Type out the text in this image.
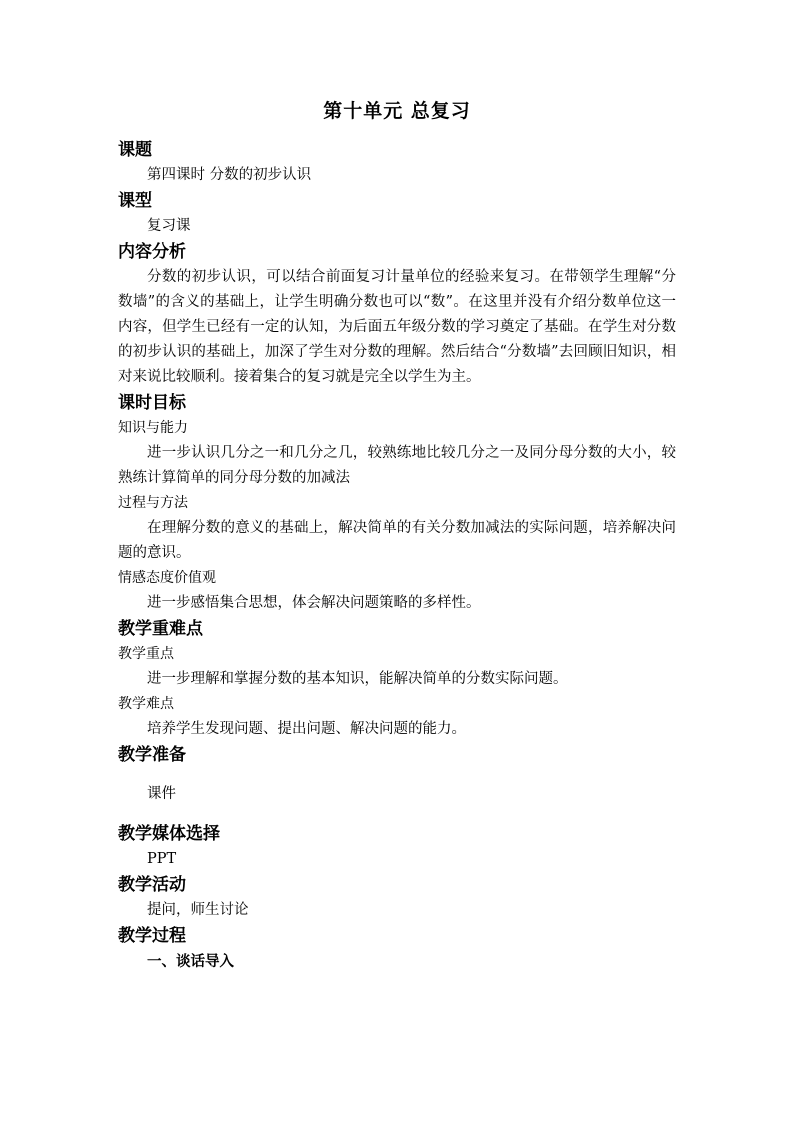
第十单元 总复习
课题
第四课时 分数的初步认识
课型
复习课
内容分析
分数的初步认识，可以结合前面复习计量单位的经验来复习。在带领学生理解“分数墙”的含义的基础上，让学生明确分数也可以“数”。在这里并没有介绍分数单位这一内容，但学生已经有一定的认知，为后面五年级分数的学习奠定了基础。在学生对分数的初步认识的基础上，加深了学生对分数的理解。然后结合“分数墙”去回顾旧知识，相对来说比较顺利。接着集合的复习就是完全以学生为主。
课时目标
知识与能力
进一步认识几分之一和几分之几，较熟练地比较几分之一及同分母分数的大小，较熟练计算简单的同分母分数的加减法
过程与方法
在理解分数的意义的基础上，解决简单的有关分数加减法的实际问题，培养解决问题的意识。
情感态度价值观
进一步感悟集合思想，体会解决问题策略的多样性。
教学重难点
教学重点
进一步理解和掌握分数的基本知识，能解决简单的分数实际问题。
教学难点
培养学生发现问题、提出问题、解决问题的能力。
教学准备
课件
教学媒体选择
PPT
教学活动
提问，师生讨论
教学过程
一、谈话导入
